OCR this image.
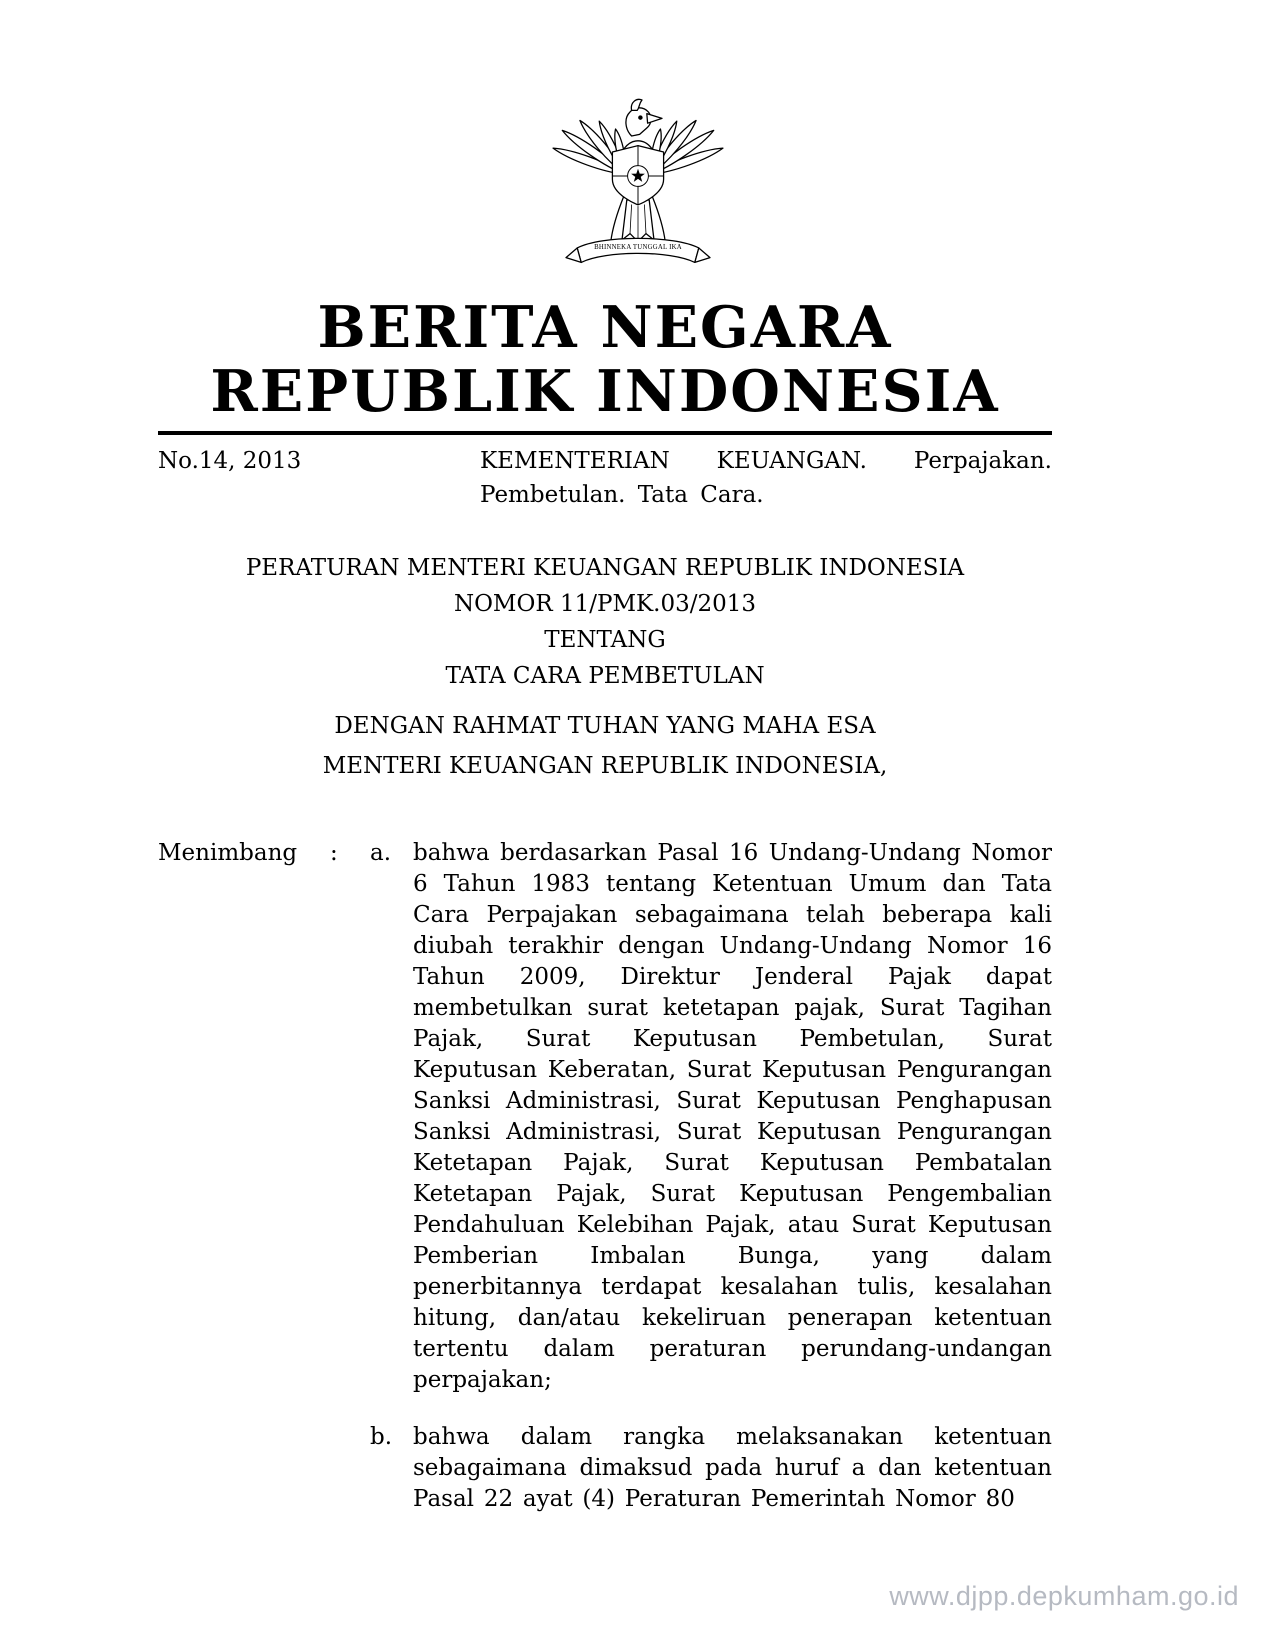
BHINNEKA TUNGGAL IKA
BERITA NEGARA
REPUBLIK INDONESIA
No.14, 2013	KEMENTERIAN KEUANGAN. Perpajakan. Pembetulan. Tata Cara.
PERATURAN MENTERI KEUANGAN REPUBLIK INDONESIA
NOMOR 11/PMK.03/2013
TENTANG
TATA CARA PEMBETULAN
DENGAN RAHMAT TUHAN YANG MAHA ESA
MENTERI KEUANGAN REPUBLIK INDONESIA,
Menimbang	:	a. bahwa berdasarkan Pasal 16 Undang-Undang Nomor 6 Tahun 1983 tentang Ketentuan Umum dan Tata Cara Perpajakan sebagaimana telah beberapa kali diubah terakhir dengan Undang-Undang Nomor 16 Tahun 2009, Direktur Jenderal Pajak dapat membetulkan surat ketetapan pajak, Surat Tagihan Pajak, Surat Keputusan Pembetulan, Surat Keputusan Keberatan, Surat Keputusan Pengurangan Sanksi Administrasi, Surat Keputusan Penghapusan Sanksi Administrasi, Surat Keputusan Pengurangan Ketetapan Pajak, Surat Keputusan Pembatalan Ketetapan Pajak, Surat Keputusan Pengembalian Pendahuluan Kelebihan Pajak, atau Surat Keputusan Pemberian Imbalan Bunga, yang dalam penerbitannya terdapat kesalahan tulis, kesalahan hitung, dan/atau kekeliruan penerapan ketentuan tertentu dalam peraturan perundang-undangan perpajakan;
b. bahwa dalam rangka melaksanakan ketentuan sebagaimana dimaksud pada huruf a dan ketentuan Pasal 22 ayat (4) Peraturan Pemerintah Nomor 80
www.djpp.depkumham.go.id
